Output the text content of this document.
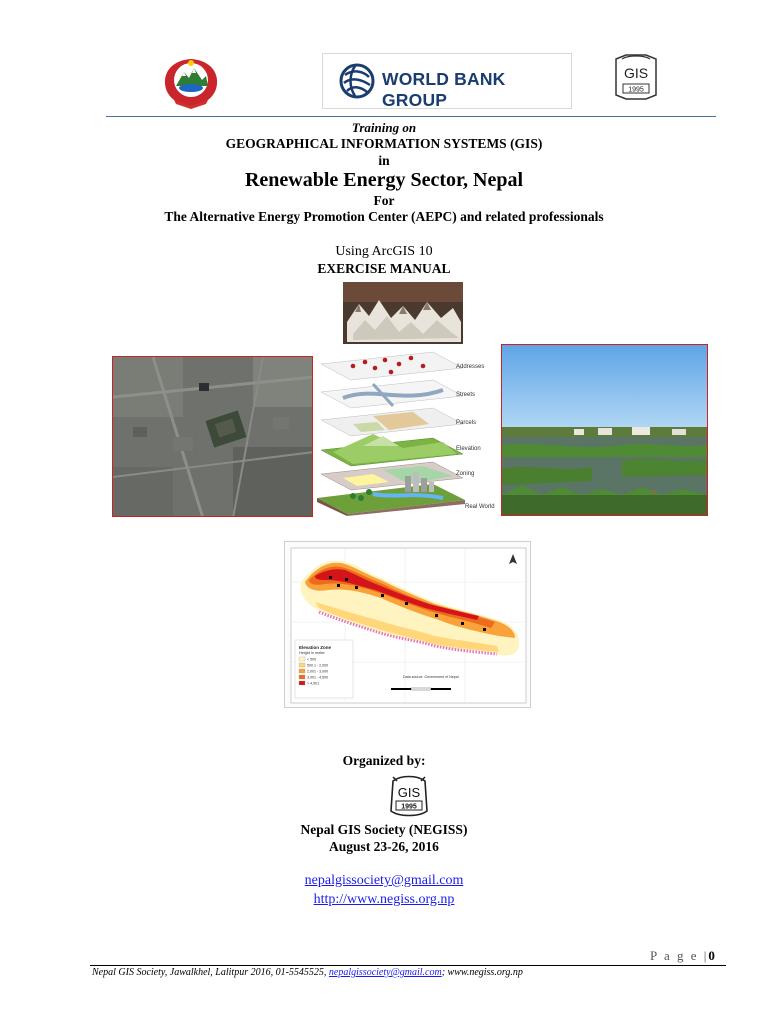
WORLD BANK GROUP
GIS
1995
Training on
GEOGRAPHICAL INFORMATION SYSTEMS (GIS)
in
Renewable Energy Sector, Nepal
For
The Alternative Energy Promotion Center (AEPC) and related professionals
Using ArcGIS 10
EXERCISE MANUAL
Addresses
Streets
Parcels
Elevation
Zoning
Real World
©
Elevation Zone
Height in meter
< 500
500.1 - 2,000
2,001 - 3,000
3,001 - 4,500
> 4,501
Data source: Government of Nepal
Organized by:
GIS
1995
Nepal GIS Society (NEGISS)
August 23-26, 2016
nepalgissociety@gmail.com
http://www.negiss.org.np
P a g e |0
Nepal GIS Society, Jawalkhel, Lalitpur 2016, 01-5545525, nepalgissociety@gmail.com; www.negiss.org.np
